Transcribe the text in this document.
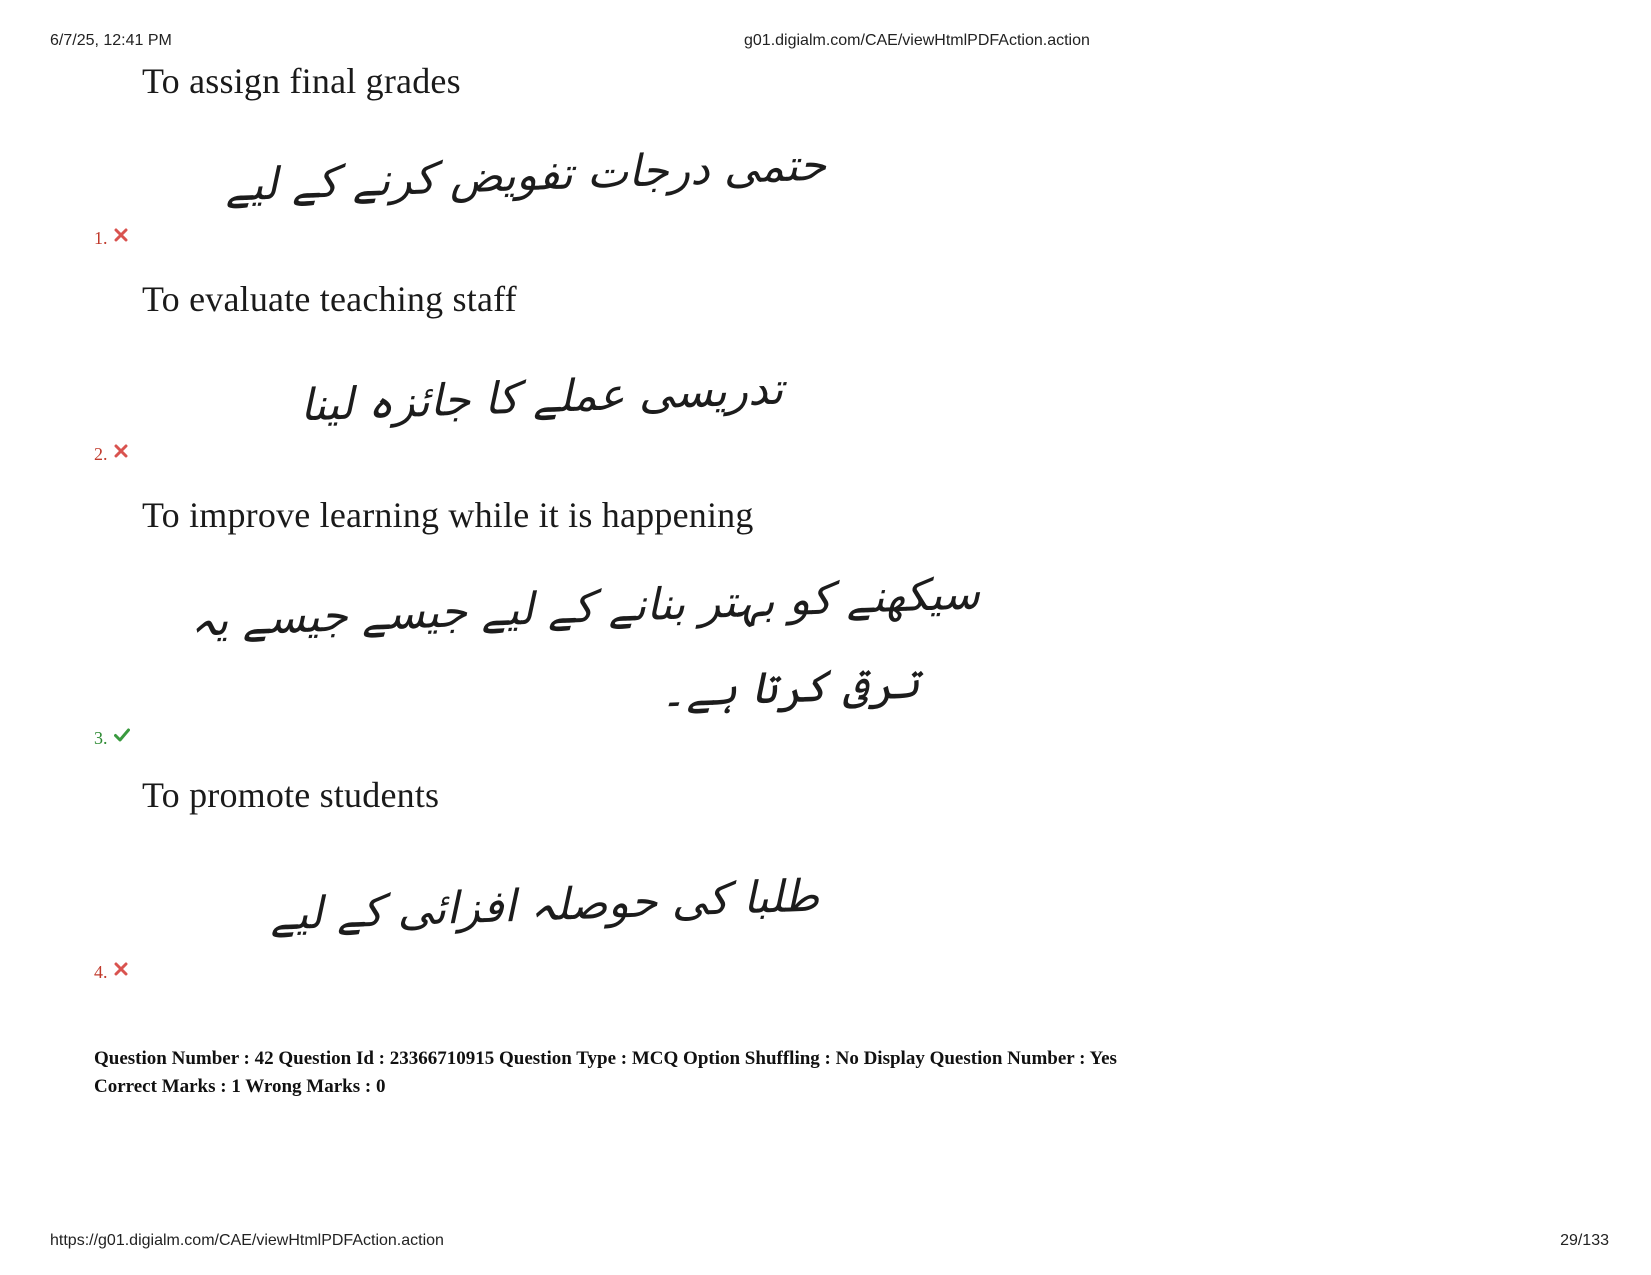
6/7/25, 12:41 PM	g01.digialm.com/CAE/viewHtmlPDFAction.action
To assign final grades
حتمی درجات تفویض کرنے کے لیے
1.
To evaluate teaching staff
تدریسی عملے کا جائزہ لینا
2.
To improve learning while it is happening
سیکھنے کو بہتر بنانے کے لیے جیسے جیسے یہ
ترقی کرتا ہے۔
3.
To promote students
طلبا کی حوصلہ افزائی کے لیے
4.
Question Number : 42 Question Id : 23366710915 Question Type : MCQ Option Shuffling : No Display Question Number : Yes
Correct Marks : 1 Wrong Marks : 0
https://g01.digialm.com/CAE/viewHtmlPDFAction.action	29/133
